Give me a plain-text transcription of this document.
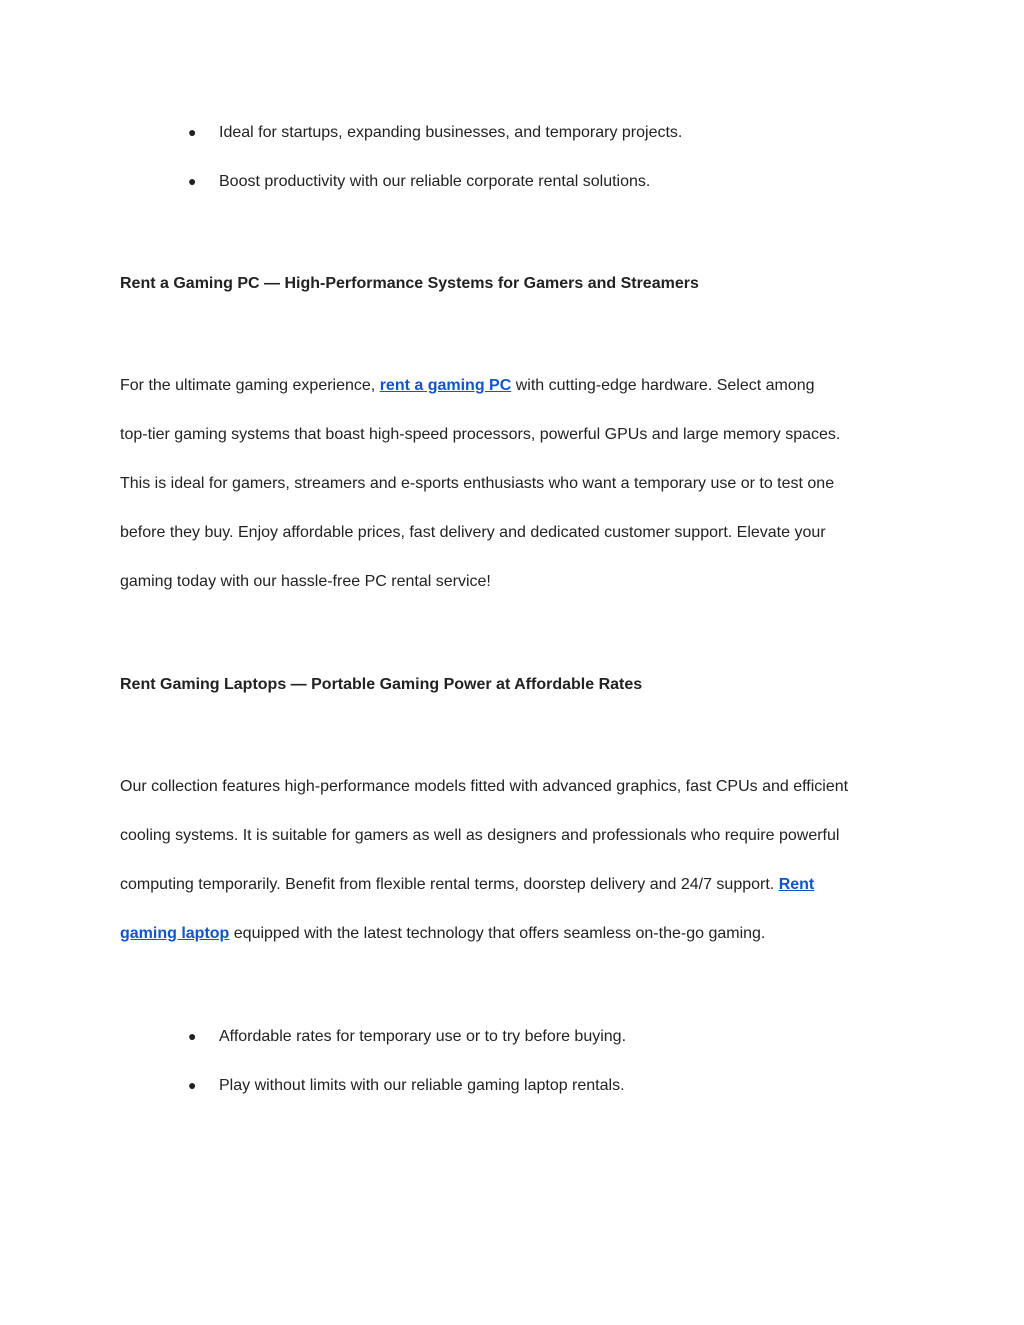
● Ideal for startups, expanding businesses, and temporary projects.
● Boost productivity with our reliable corporate rental solutions.
Rent a Gaming PC — High-Performance Systems for Gamers and Streamers
For the ultimate gaming experience, rent a gaming PC with cutting-edge hardware. Select among
top-tier gaming systems that boast high-speed processors, powerful GPUs and large memory spaces.
This is ideal for gamers, streamers and e-sports enthusiasts who want a temporary use or to test one
before they buy. Enjoy affordable prices, fast delivery and dedicated customer support. Elevate your
gaming today with our hassle-free PC rental service!
Rent Gaming Laptops — Portable Gaming Power at Affordable Rates
Our collection features high-performance models fitted with advanced graphics, fast CPUs and efficient
cooling systems. It is suitable for gamers as well as designers and professionals who require powerful
computing temporarily. Benefit from flexible rental terms, doorstep delivery and 24/7 support. Rent
gaming laptop equipped with the latest technology that offers seamless on-the-go gaming.
● Affordable rates for temporary use or to try before buying.
● Play without limits with our reliable gaming laptop rentals.
